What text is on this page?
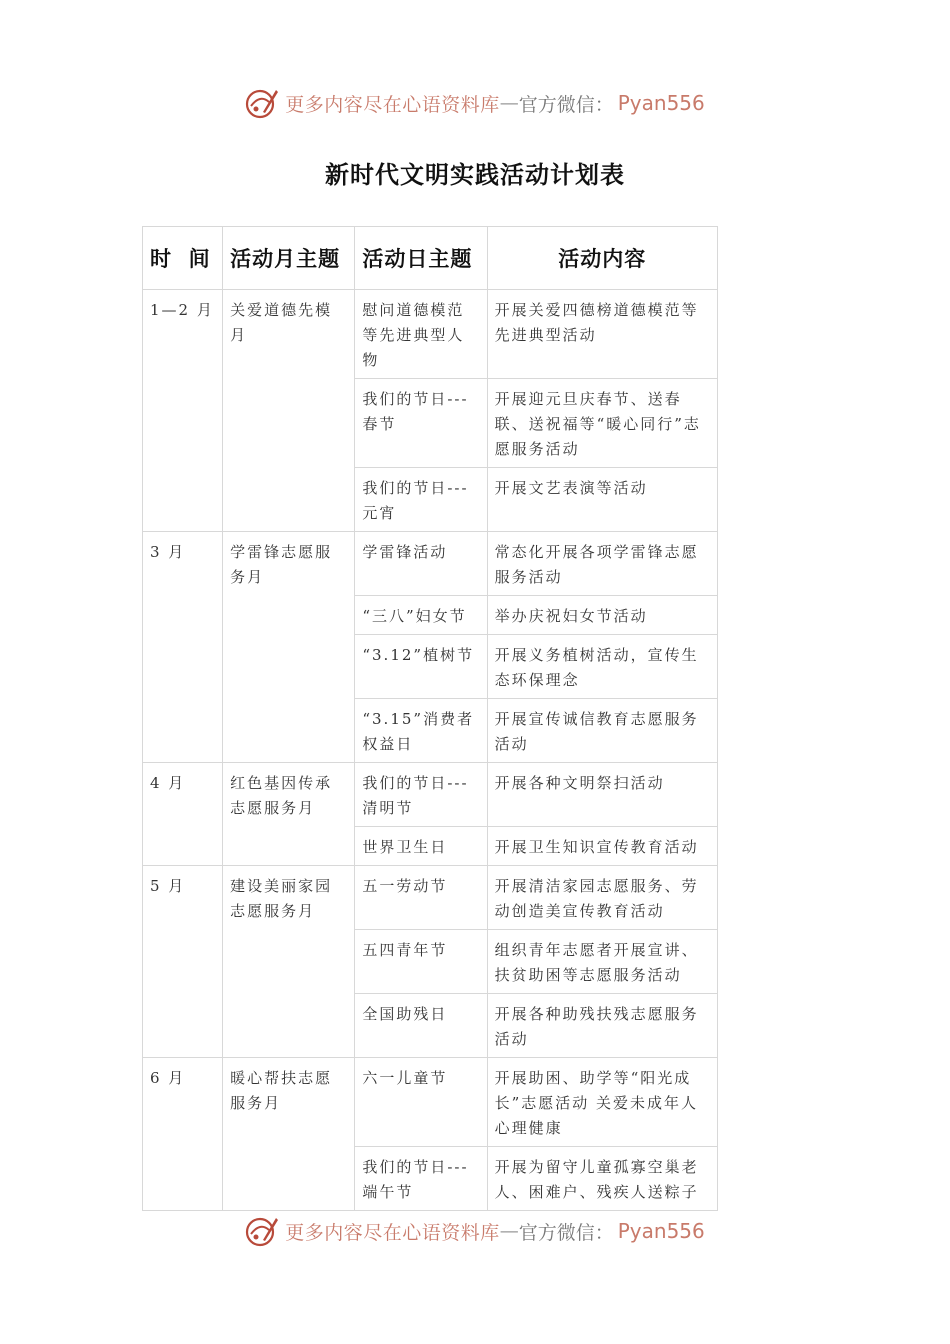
更多内容尽在心语资料库 — 官方微信： Pyan556
新时代文明实践活动计划表
时  间	活动月主题	活动日主题	活动内容
1—2 月	关爱道德先模月	慰问道德模范等先进典型人物	开展关爱四德榜道德模范等先进典型活动
		我们的节日---春节	开展迎元旦庆春节、送春联、送祝福等“暖心同行”志愿服务活动
		我们的节日---元宵	开展文艺表演等活动
3 月	学雷锋志愿服务月	学雷锋活动	常态化开展各项学雷锋志愿服务活动
		“三八”妇女节	举办庆祝妇女节活动
		“3.12”植树节	开展义务植树活动，宣传生态环保理念
		“3.15”消费者权益日	开展宣传诚信教育志愿服务活动
4 月	红色基因传承志愿服务月	我们的节日---清明节	开展各种文明祭扫活动
		世界卫生日	开展卫生知识宣传教育活动
5 月	建设美丽家园志愿服务月	五一劳动节	开展清洁家园志愿服务、劳动创造美宣传教育活动
		五四青年节	组织青年志愿者开展宣讲、扶贫助困等志愿服务活动
		全国助残日	开展各种助残扶残志愿服务活动
6 月	暖心帮扶志愿服务月	六一儿童节	开展助困、助学等“阳光成长”志愿活动 关爱未成年人心理健康
		我们的节日---端午节	开展为留守儿童孤寡空巢老人、困难户、残疾人送粽子
更多内容尽在心语资料库 — 官方微信： Pyan556
